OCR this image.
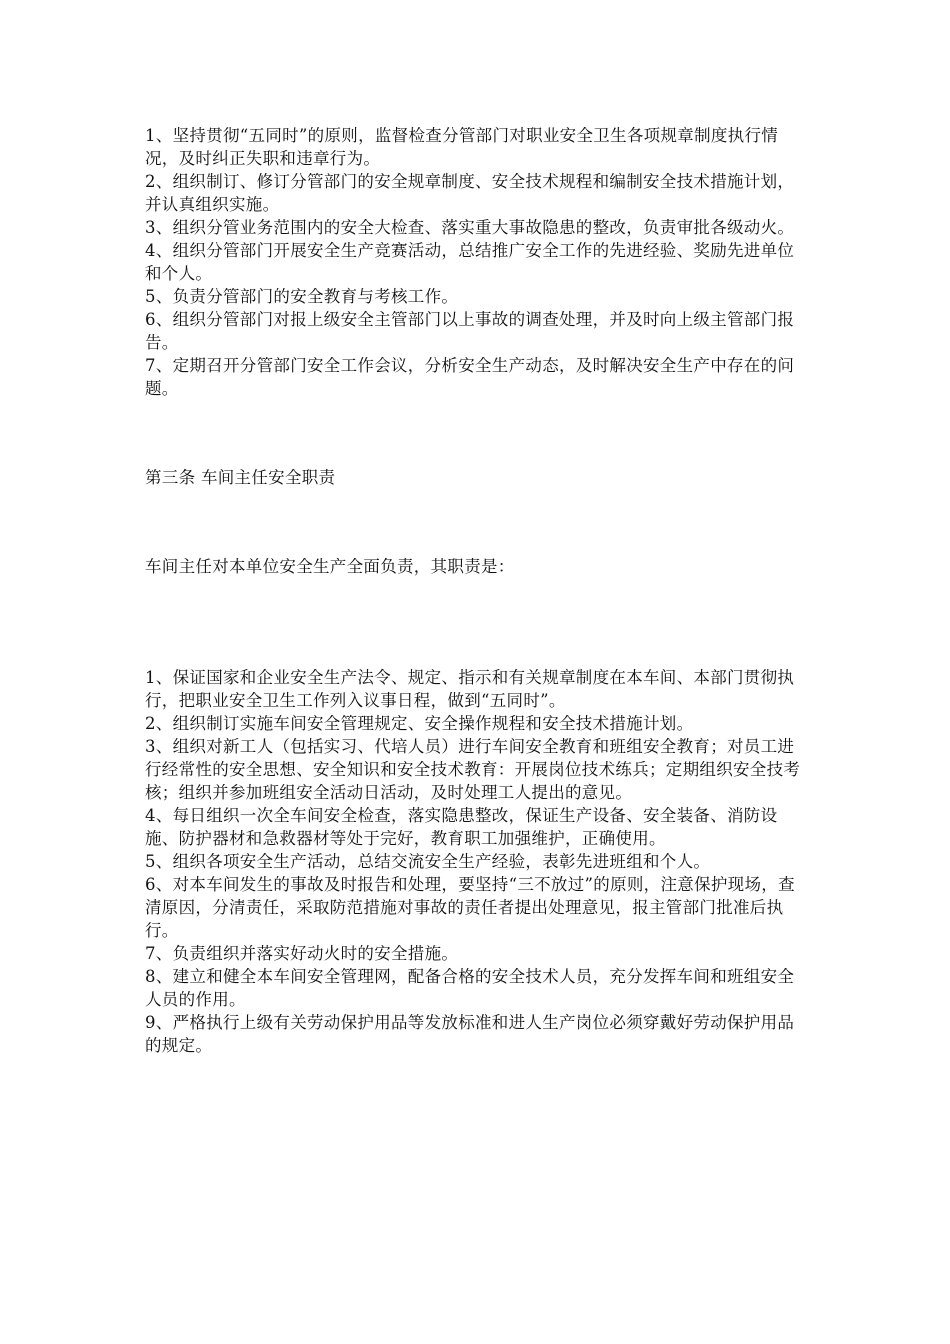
1、坚持贯彻“五同时”的原则，监督检查分管部门对职业安全卫生各项规章制度执行情况，及时纠正失职和违章行为。

2、组织制订、修订分管部门的安全规章制度、安全技术规程和编制安全技术措施计划，并认真组织实施。

3、组织分管业务范围内的安全大检查、落实重大事故隐患的整改，负责审批各级动火。

4、组织分管部门开展安全生产竞赛活动，总结推广安全工作的先进经验、奖励先进单位和个人。

5、负责分管部门的安全教育与考核工作。

6、组织分管部门对报上级安全主管部门以上事故的调查处理，并及时向上级主管部门报告。

7、定期召开分管部门安全工作会议，分析安全生产动态，及时解决安全生产中存在的问题。

第三条 车间主任安全职责

车间主任对本单位安全生产全面负责，其职责是：

1、保证国家和企业安全生产法令、规定、指示和有关规章制度在本车间、本部门贯彻执行，把职业安全卫生工作列入议事日程，做到“五同时”。

2、组织制订实施车间安全管理规定、安全操作规程和安全技术措施计划。

3、组织对新工人（包括实习、代培人员）进行车间安全教育和班组安全教育；对员工进行经常性的安全思想、安全知识和安全技术教育：开展岗位技术练兵；定期组织安全技考核；组织并参加班组安全活动日活动，及时处理工人提出的意见。

4、每日组织一次全车间安全检查，落实隐患整改，保证生产设备、安全装备、消防设施、防护器材和急救器材等处于完好，教育职工加强维护，正确使用。

5、组织各项安全生产活动，总结交流安全生产经验，表彰先进班组和个人。

6、对本车间发生的事故及时报告和处理，要坚持“三不放过”的原则，注意保护现场，查清原因，分清责任，采取防范措施对事故的责任者提出处理意见，报主管部门批准后执行。

7、负责组织并落实好动火时的安全措施。

8、建立和健全本车间安全管理网，配备合格的安全技术人员，充分发挥车间和班组安全人员的作用。

9、严格执行上级有关劳动保护用品等发放标准和进人生产岗位必须穿戴好劳动保护用品的规定。
